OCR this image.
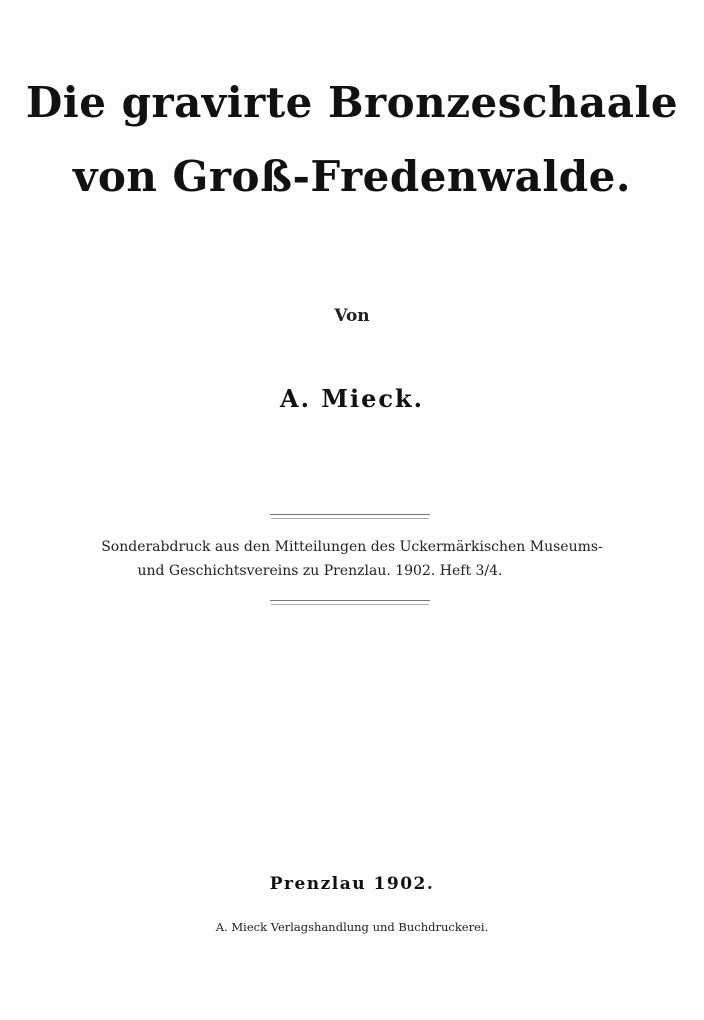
Die gravirte Bronzeschaale
von Groß-Fredenwalde.
Von
A. Mieck.
Sonderabdruck aus den Mitteilungen des Uckermärkischen Museums-
und Geschichtsvereins zu Prenzlau. 1902. Heft 3/4.
Prenzlau 1902.
A. Mieck Verlagshandlung und Buchdruckerei.
